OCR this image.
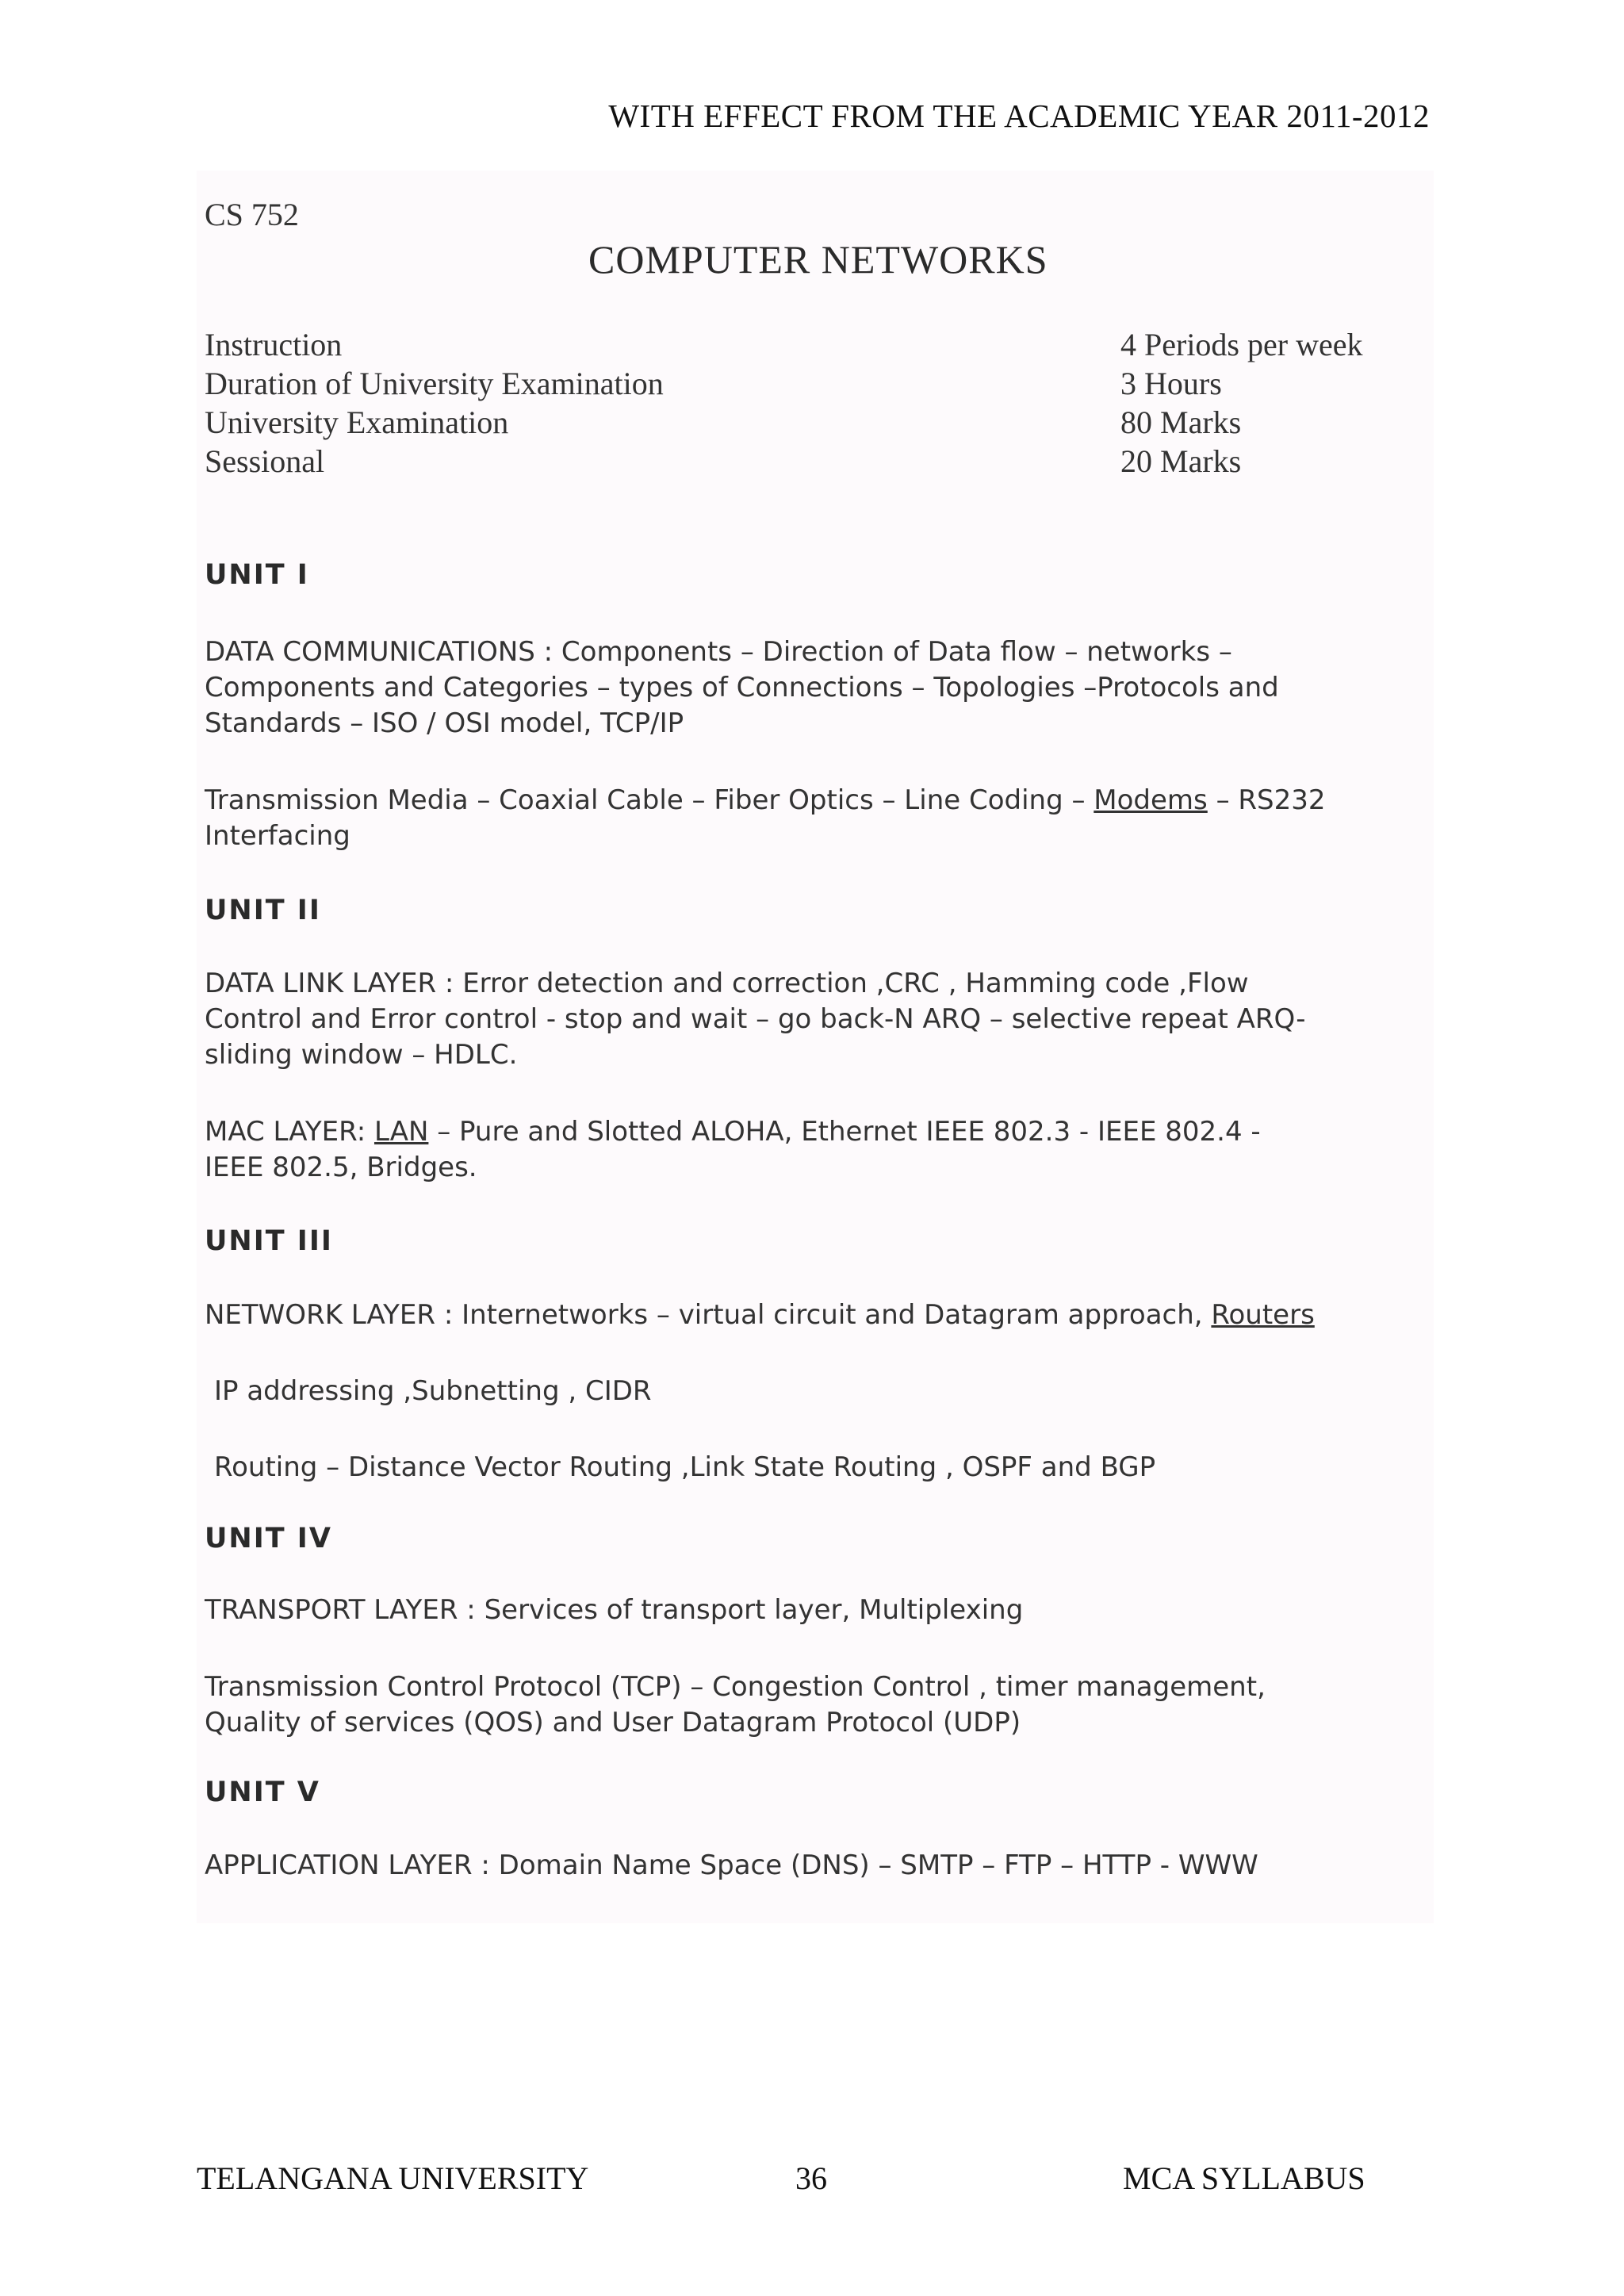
WITH EFFECT FROM THE ACADEMIC YEAR 2011-2012
CS 752
COMPUTER NETWORKS
Instruction
Duration of University Examination
University Examination
Sessional
4 Periods per week
3 Hours
80 Marks
20 Marks
UNIT I

DATA COMMUNICATIONS : Components – Direction of Data flow – networks –
Components and Categories – types of Connections – Topologies –Protocols and
Standards – ISO / OSI model, TCP/IP

Transmission Media – Coaxial Cable – Fiber Optics – Line Coding – Modems – RS232
Interfacing

UNIT II

DATA LINK LAYER : Error detection and correction ,CRC , Hamming code ,Flow
Control and Error control - stop and wait – go back-N ARQ – selective repeat ARQ-
sliding window – HDLC.

MAC LAYER: LAN – Pure and Slotted ALOHA, Ethernet IEEE 802.3 - IEEE 802.4 -
IEEE 802.5, Bridges.

UNIT III

NETWORK LAYER : Internetworks – virtual circuit and Datagram approach, Routers

IP addressing ,Subnetting , CIDR

Routing – Distance Vector Routing ,Link State Routing , OSPF and BGP

UNIT IV

TRANSPORT LAYER : Services of transport layer, Multiplexing

Transmission Control Protocol (TCP) – Congestion Control , timer management,
Quality of services (QOS) and User Datagram Protocol (UDP)

UNIT V

APPLICATION LAYER : Domain Name Space (DNS) – SMTP – FTP – HTTP - WWW

TELANGANA UNIVERSITY	36	MCA SYLLABUS
